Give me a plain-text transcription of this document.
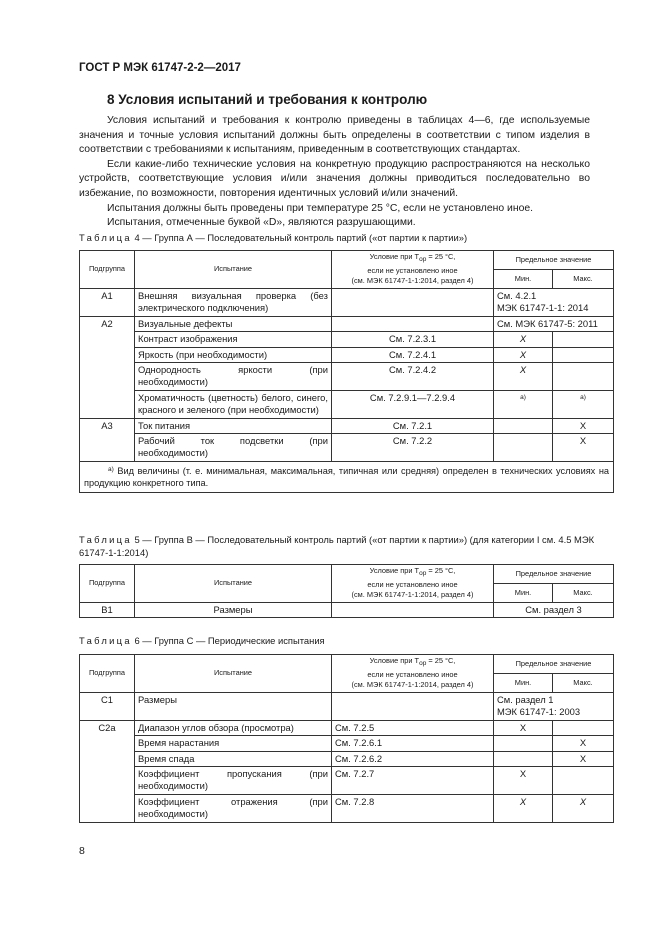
ГОСТ Р МЭК 61747-2-2—2017
8 Условия испытаний и требования к контролю

Условия испытаний и требования к контролю приведены в таблицах 4—6, где используемые значения и точные условия испытаний должны быть определены в соответствии с типом изделия в соответствии с требованиями к испытаниям, приведенным в соответствующих стандартах.

Если какие-либо технические условия на конкретную продукцию распространяются на несколько устройств, соответствующие условия и/или значения должны приводиться последовательно во избежание, по возможности, повторения идентичных условий и/или значений.

Испытания должны быть проведены при температуре 25 °С, если не установлено иное.

Испытания, отмеченные буквой «D», являются разрушающими.

Таблица 4 — Группа А — Последовательный контроль партий («от партии к партии»)
Подгруппа	Испытание	Условие при Tор = 25 °С,
если не установлено иное
(см. МЭК 61747-1-1:2014, раздел 4)	Предельное значение	
			Мин.	Макс.
A1	Внешняя визуальная проверка (без электрического подключения)		См. 4.2.1
МЭК 61747-1-1: 2014	
A2	Визуальные дефекты		См. МЭК 61747-5: 2011	
	Контраст изображения	См. 7.2.3.1	X	
	Яркость (при необходимости)	См. 7.2.4.1	X	
	Однородность яркости (при необходимости)	См. 7.2.4.2	X	
	Хроматичность (цветность) белого, синего, красного и зеленого (при необходимости)	См. 7.2.9.1—7.2.9.4	a)	a)
A3	Ток питания	См. 7.2.1		X
	Рабочий ток подсветки (при необходимости)	См. 7.2.2		X
$^{a)}$ Вид величины (т. е. минимальная, максимальная, типичная или средняя) определен в технических условиях на продукцию конкретного типа.				
Таблица 5 — Группа В — Последовательный контроль партий («от партии к партии») (для категории I см. 4.5 МЭК 61747-1-1:2014)
Подгруппа	Испытание	Условие при Tор = 25 °С,
если не установлено иное
(см. МЭК 61747-1-1:2014, раздел 4)	Предельное значение	
			Мин.	Макс.
B1	Размеры		См. раздел 3	
Таблица 6 — Группа С — Периодические испытания
Подгруппа	Испытание	Условие при Tор = 25 °С,
если не установлено иное
(см. МЭК 61747-1-1:2014, раздел 4)	Предельное значение	
			Мин.	Макс.
C1	Размеры		См. раздел 1
МЭК 61747-1: 2003	
C2a	Диапазон углов обзора (просмотра)	См. 7.2.5	X	
	Время нарастания	См. 7.2.6.1		X
	Время спада	См. 7.2.6.2		X
	Коэффициент пропускания (при необходимости)	См. 7.2.7	X	
	Коэффициент отражения (при необходимости)	См. 7.2.8	X	X
8
